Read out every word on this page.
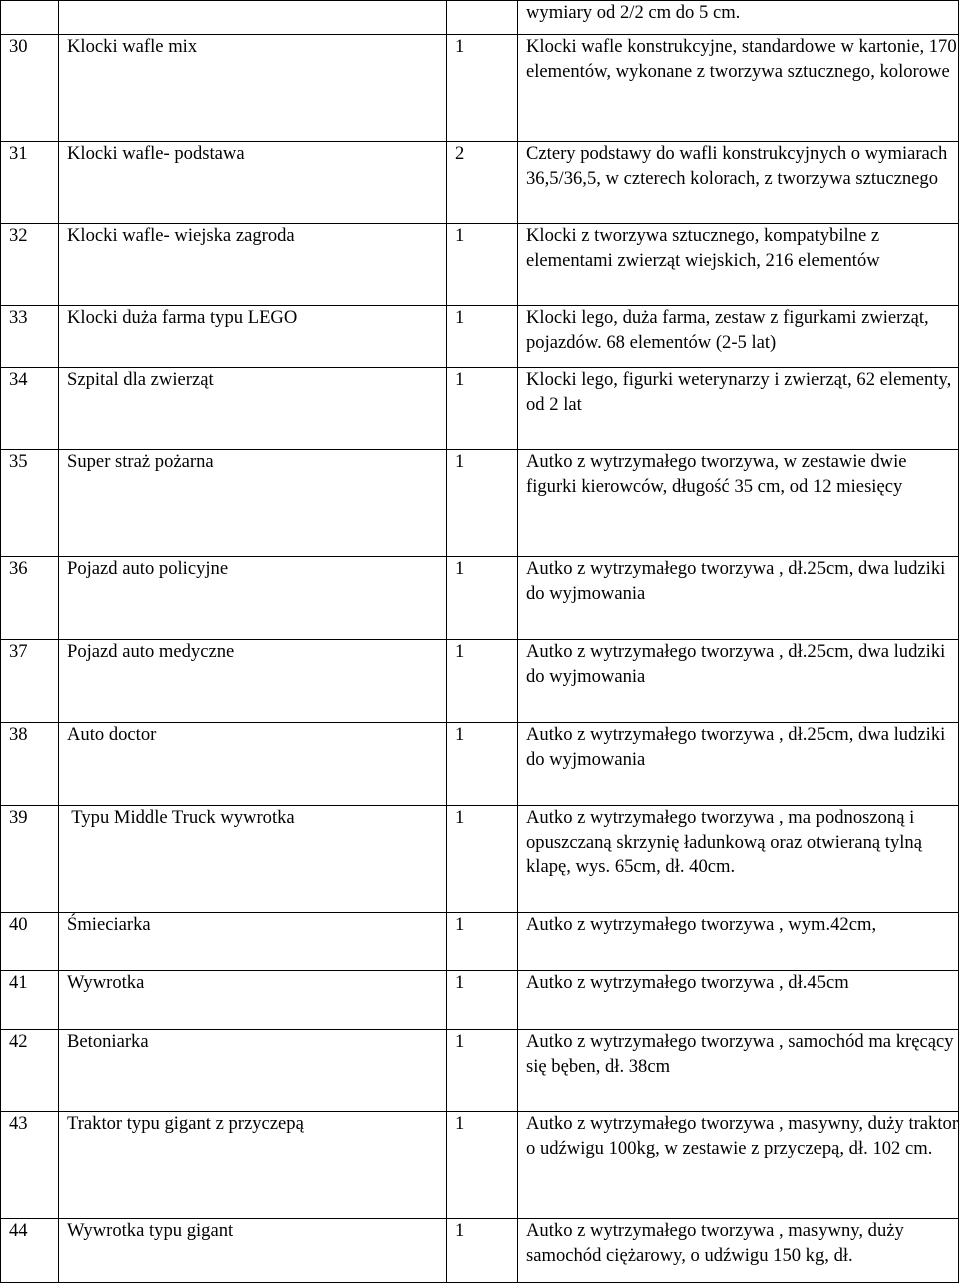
			wymiary od 2/2 cm do 5 cm.
30	Klocki wafle mix	1	Klocki wafle konstrukcyjne, standardowe w kartonie, 170 elementów, wykonane z tworzywa sztucznego, kolorowe
31	Klocki wafle- podstawa	2	Cztery podstawy do wafli konstrukcyjnych o wymiarach 36,5/36,5, w czterech kolorach, z tworzywa sztucznego
32	Klocki wafle- wiejska zagroda	1	Klocki z tworzywa sztucznego, kompatybilne z elementami zwierząt wiejskich, 216 elementów
33	Klocki duża farma typu LEGO	1	Klocki lego, duża farma, zestaw z figurkami zwierząt, pojazdów. 68 elementów (2-5 lat)
34	Szpital dla zwierząt	1	Klocki lego, figurki weterynarzy i zwierząt, 62 elementy, od 2 lat
35	Super straż pożarna	1	Autko z wytrzymałego tworzywa, w zestawie dwie figurki kierowców, długość 35 cm, od 12 miesięcy
36	Pojazd auto policyjne	1	Autko z wytrzymałego tworzywa , dł.25cm, dwa ludziki do wyjmowania
37	Pojazd auto medyczne	1	Autko z wytrzymałego tworzywa , dł.25cm, dwa ludziki do wyjmowania
38	Auto doctor	1	Autko z wytrzymałego tworzywa , dł.25cm, dwa ludziki do wyjmowania
39	Typu Middle Truck wywrotka	1	Autko z wytrzymałego tworzywa , ma podnoszoną i opuszczaną skrzynię ładunkową oraz otwieraną tylną klapę, wys. 65cm, dł. 40cm.
40	Śmieciarka	1	Autko z wytrzymałego tworzywa , wym.42cm,
41	Wywrotka	1	Autko z wytrzymałego tworzywa , dł.45cm
42	Betoniarka	1	Autko z wytrzymałego tworzywa , samochód ma kręcący się bęben, dł. 38cm
43	Traktor typu gigant z przyczepą	1	Autko z wytrzymałego tworzywa , masywny, duży traktor o udźwigu 100kg, w zestawie z przyczepą, dł. 102 cm.
44	Wywrotka typu gigant	1	Autko z wytrzymałego tworzywa , masywny, duży samochód ciężarowy, o udźwigu 150 kg, dł.
